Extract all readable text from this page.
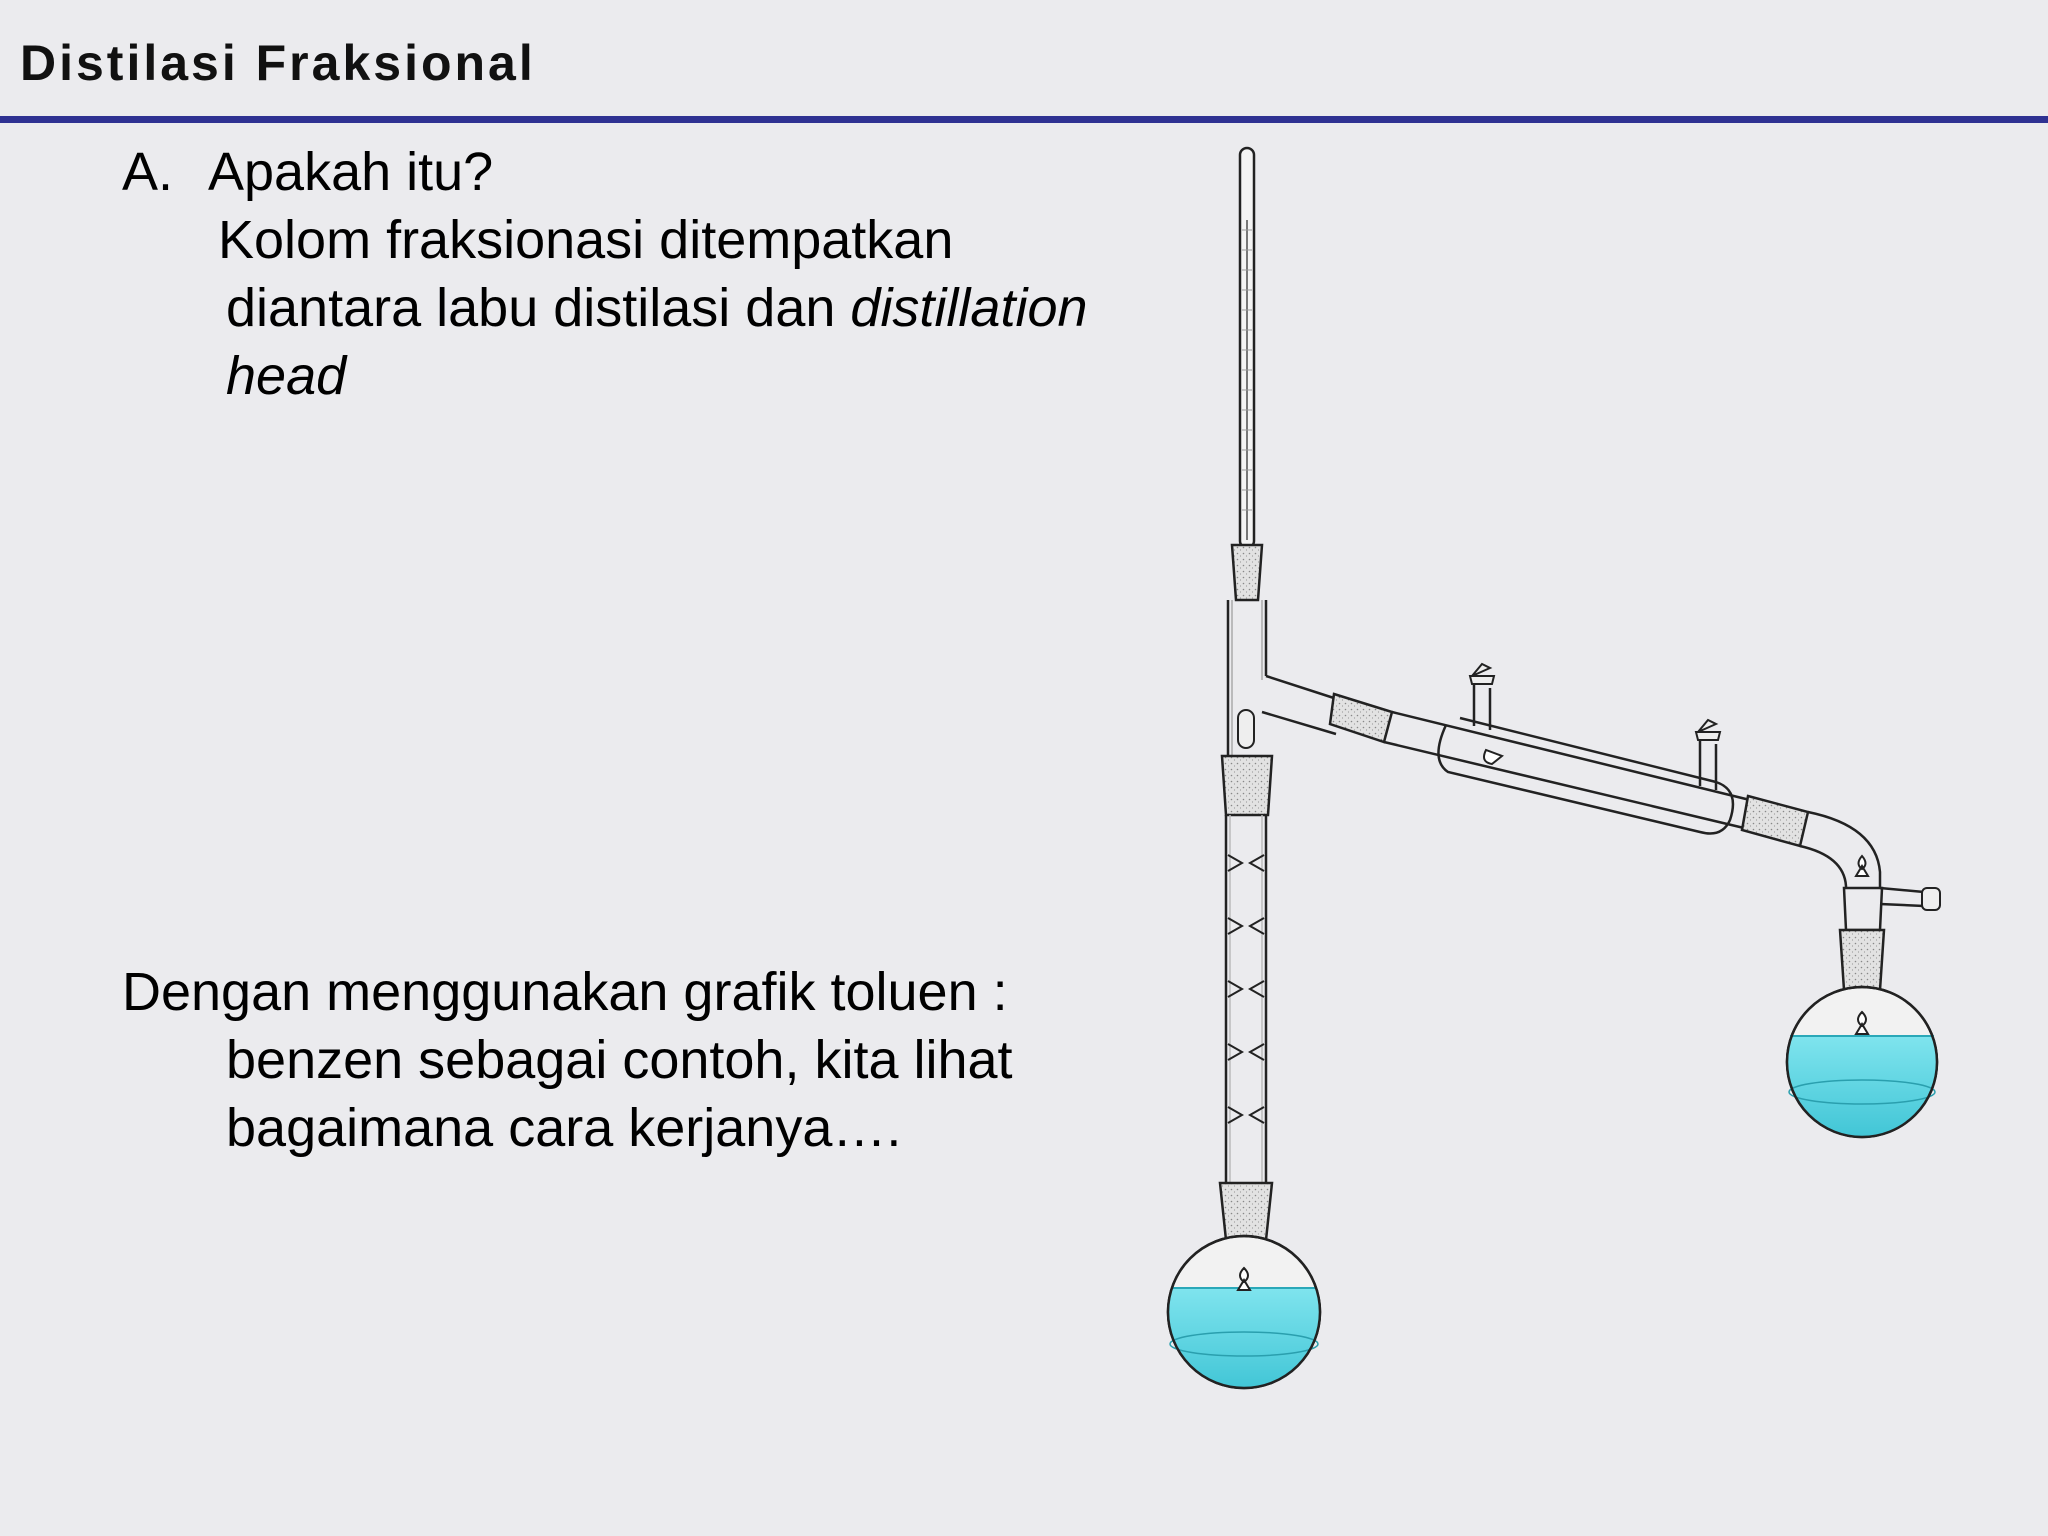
Distilasi Fraksional
A. Apakah itu?
Kolom fraksionasi ditempatkan
diantara labu distilasi dan distillation
head
Dengan menggunakan grafik toluen :
benzen sebagai contoh, kita lihat
bagaimana cara kerjanya….
